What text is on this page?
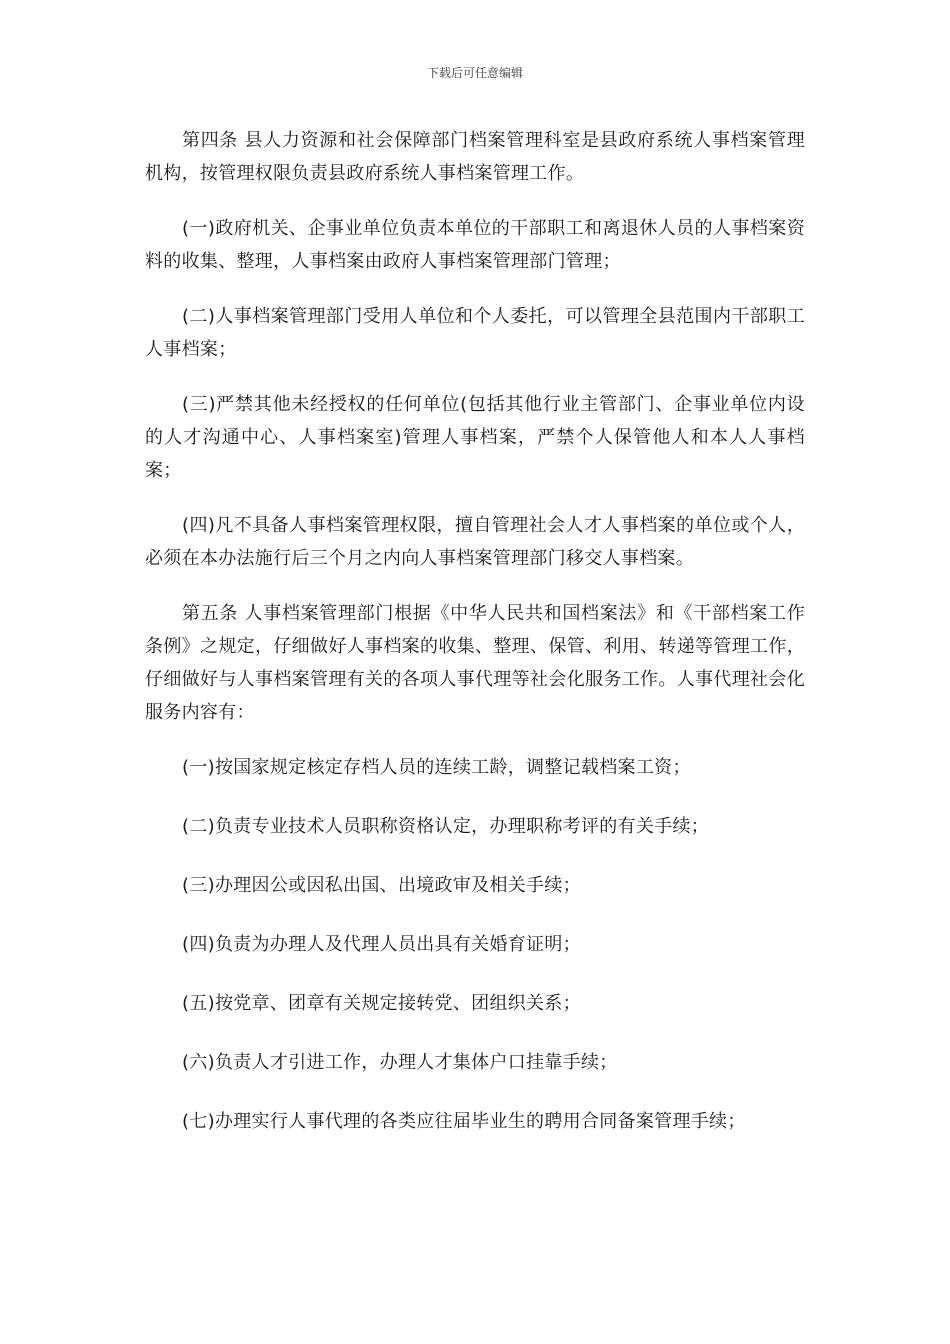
下载后可任意编辑

第四条 县人力资源和社会保障部门档案管理科室是县政府系统人事档案管理机构，按管理权限负责县政府系统人事档案管理工作。

(一)政府机关、企事业单位负责本单位的干部职工和离退休人员的人事档案资料的收集、整理，人事档案由政府人事档案管理部门管理；

(二)人事档案管理部门受用人单位和个人委托，可以管理全县范围内干部职工人事档案；

(三)严禁其他未经授权的任何单位(包括其他行业主管部门、企事业单位内设的人才沟通中心、人事档案室)管理人事档案，严禁个人保管他人和本人人事档案；

(四)凡不具备人事档案管理权限，擅自管理社会人才人事档案的单位或个人，必须在本办法施行后三个月之内向人事档案管理部门移交人事档案。

第五条 人事档案管理部门根据《中华人民共和国档案法》和《干部档案工作条例》之规定，仔细做好人事档案的收集、整理、保管、利用、转递等管理工作，仔细做好与人事档案管理有关的各项人事代理等社会化服务工作。人事代理社会化服务内容有：

(一)按国家规定核定存档人员的连续工龄，调整记载档案工资；

(二)负责专业技术人员职称资格认定，办理职称考评的有关手续；

(三)办理因公或因私出国、出境政审及相关手续；

(四)负责为办理人及代理人员出具有关婚育证明；

(五)按党章、团章有关规定接转党、团组织关系；

(六)负责人才引进工作，办理人才集体户口挂靠手续；

(七)办理实行人事代理的各类应往届毕业生的聘用合同备案管理手续；
